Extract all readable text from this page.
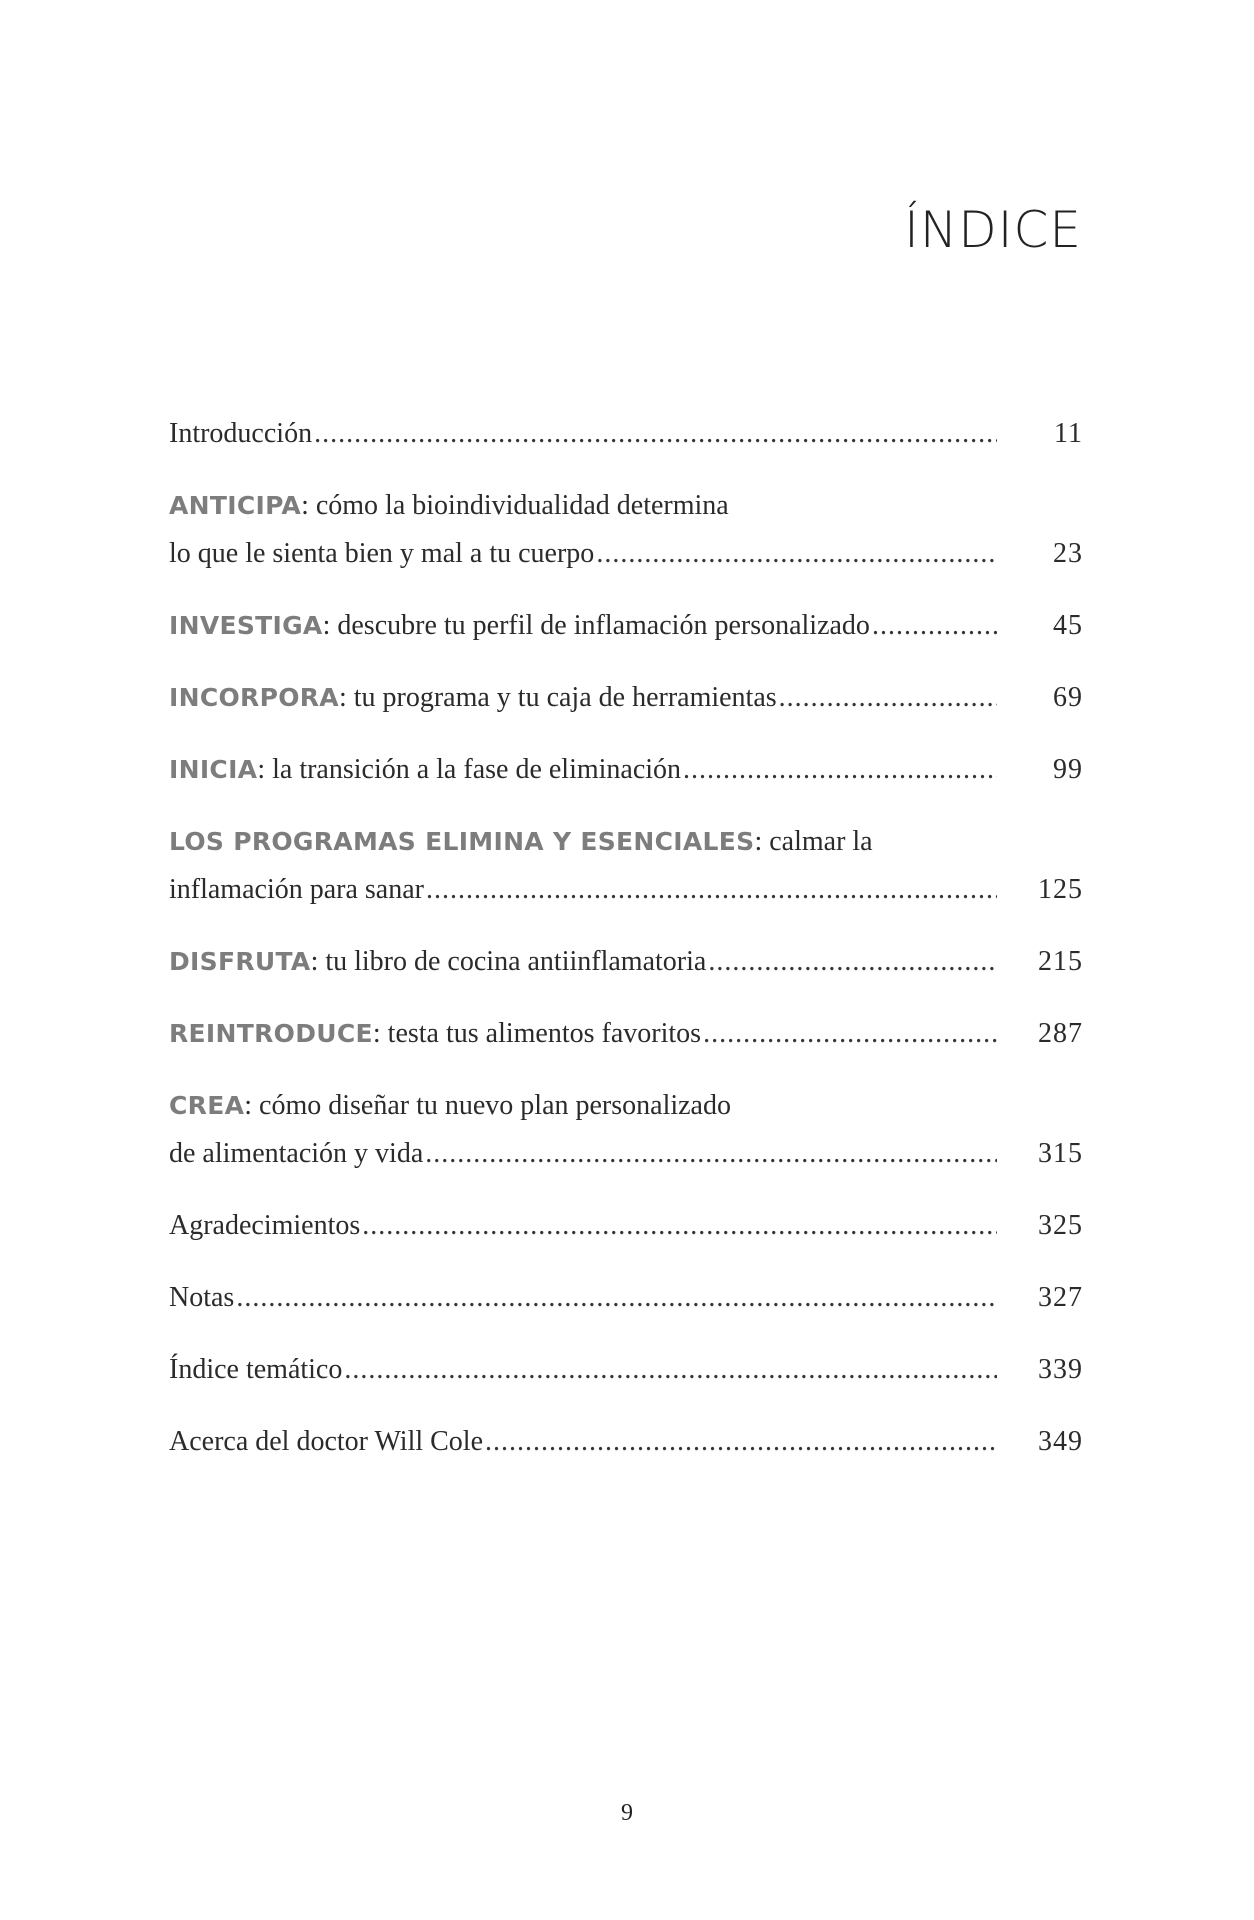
ÍNDICE
Introducción .....	11
ANTICIPA: cómo la bioindividualidad determina
lo que le sienta bien y mal a tu cuerpo .....	23
INVESTIGA: descubre tu perfil de inflamación personalizado .....	45
INCORPORA: tu programa y tu caja de herramientas .....	69
INICIA: la transición a la fase de eliminación .....	99
LOS PROGRAMAS ELIMINA Y ESENCIALES: calmar la
inflamación para sanar .....	125
DISFRUTA: tu libro de cocina antiinflamatoria .....	215
REINTRODUCE: testa tus alimentos favoritos .....	287
CREA: cómo diseñar tu nuevo plan personalizado
de alimentación y vida .....	315
Agradecimientos .....	325
Notas .....	327
Índice temático .....	339
Acerca del doctor Will Cole .....	349
9
